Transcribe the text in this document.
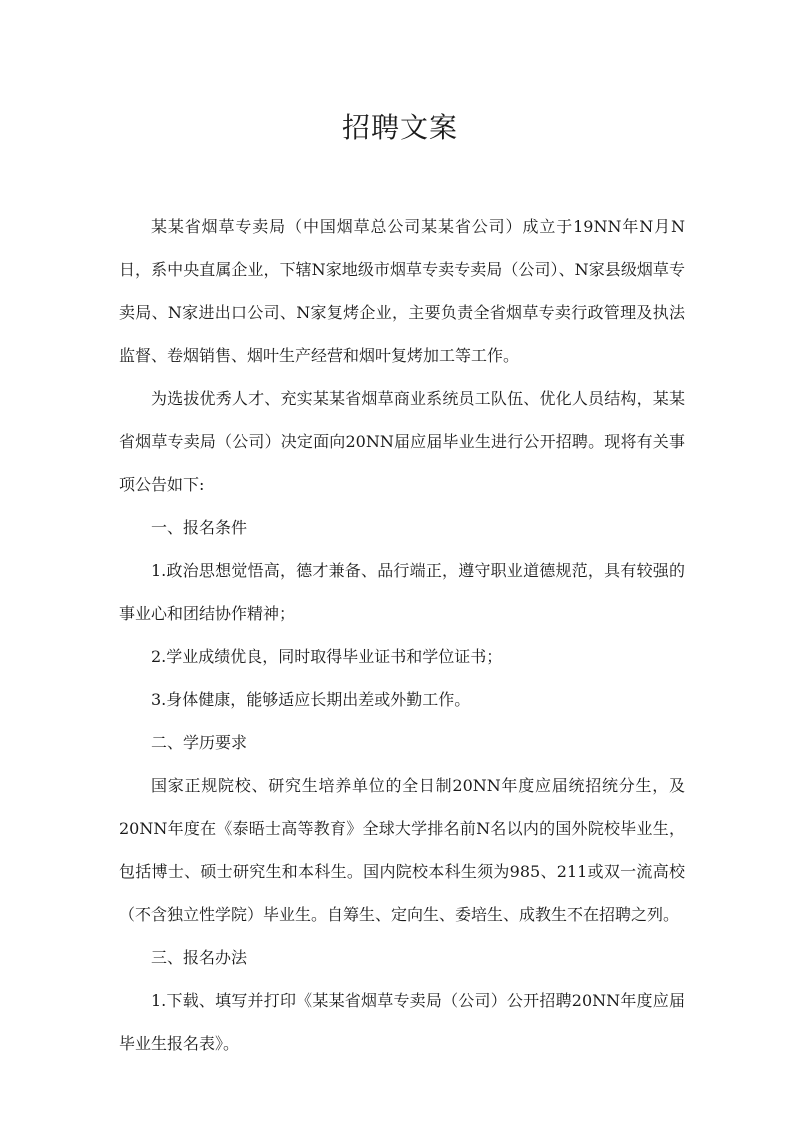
招聘文案

某某省烟草专卖局（中国烟草总公司某某省公司）成立于19NN年N月N日，系中央直属企业，下辖N家地级市烟草专卖专卖局（公司）、N家县级烟草专卖局、N家进出口公司、N家复烤企业，主要负责全省烟草专卖行政管理及执法监督、卷烟销售、烟叶生产经营和烟叶复烤加工等工作。

为选拔优秀人才、充实某某省烟草商业系统员工队伍、优化人员结构，某某省烟草专卖局（公司）决定面向20NN届应届毕业生进行公开招聘。现将有关事项公告如下:

一、报名条件

1.政治思想觉悟高，德才兼备、品行端正，遵守职业道德规范，具有较强的事业心和团结协作精神；

2.学业成绩优良，同时取得毕业证书和学位证书；

3.身体健康，能够适应长期出差或外勤工作。

二、学历要求

国家正规院校、研究生培养单位的全日制20NN年度应届统招统分生，及20NN年度在《泰晤士高等教育》全球大学排名前N名以内的国外院校毕业生，包括博士、硕士研究生和本科生。国内院校本科生须为985、211或双一流高校（不含独立性学院）毕业生。自筹生、定向生、委培生、成教生不在招聘之列。

三、报名办法

1.下载、填写并打印《某某省烟草专卖局（公司）公开招聘20NN年度应届毕业生报名表》。
